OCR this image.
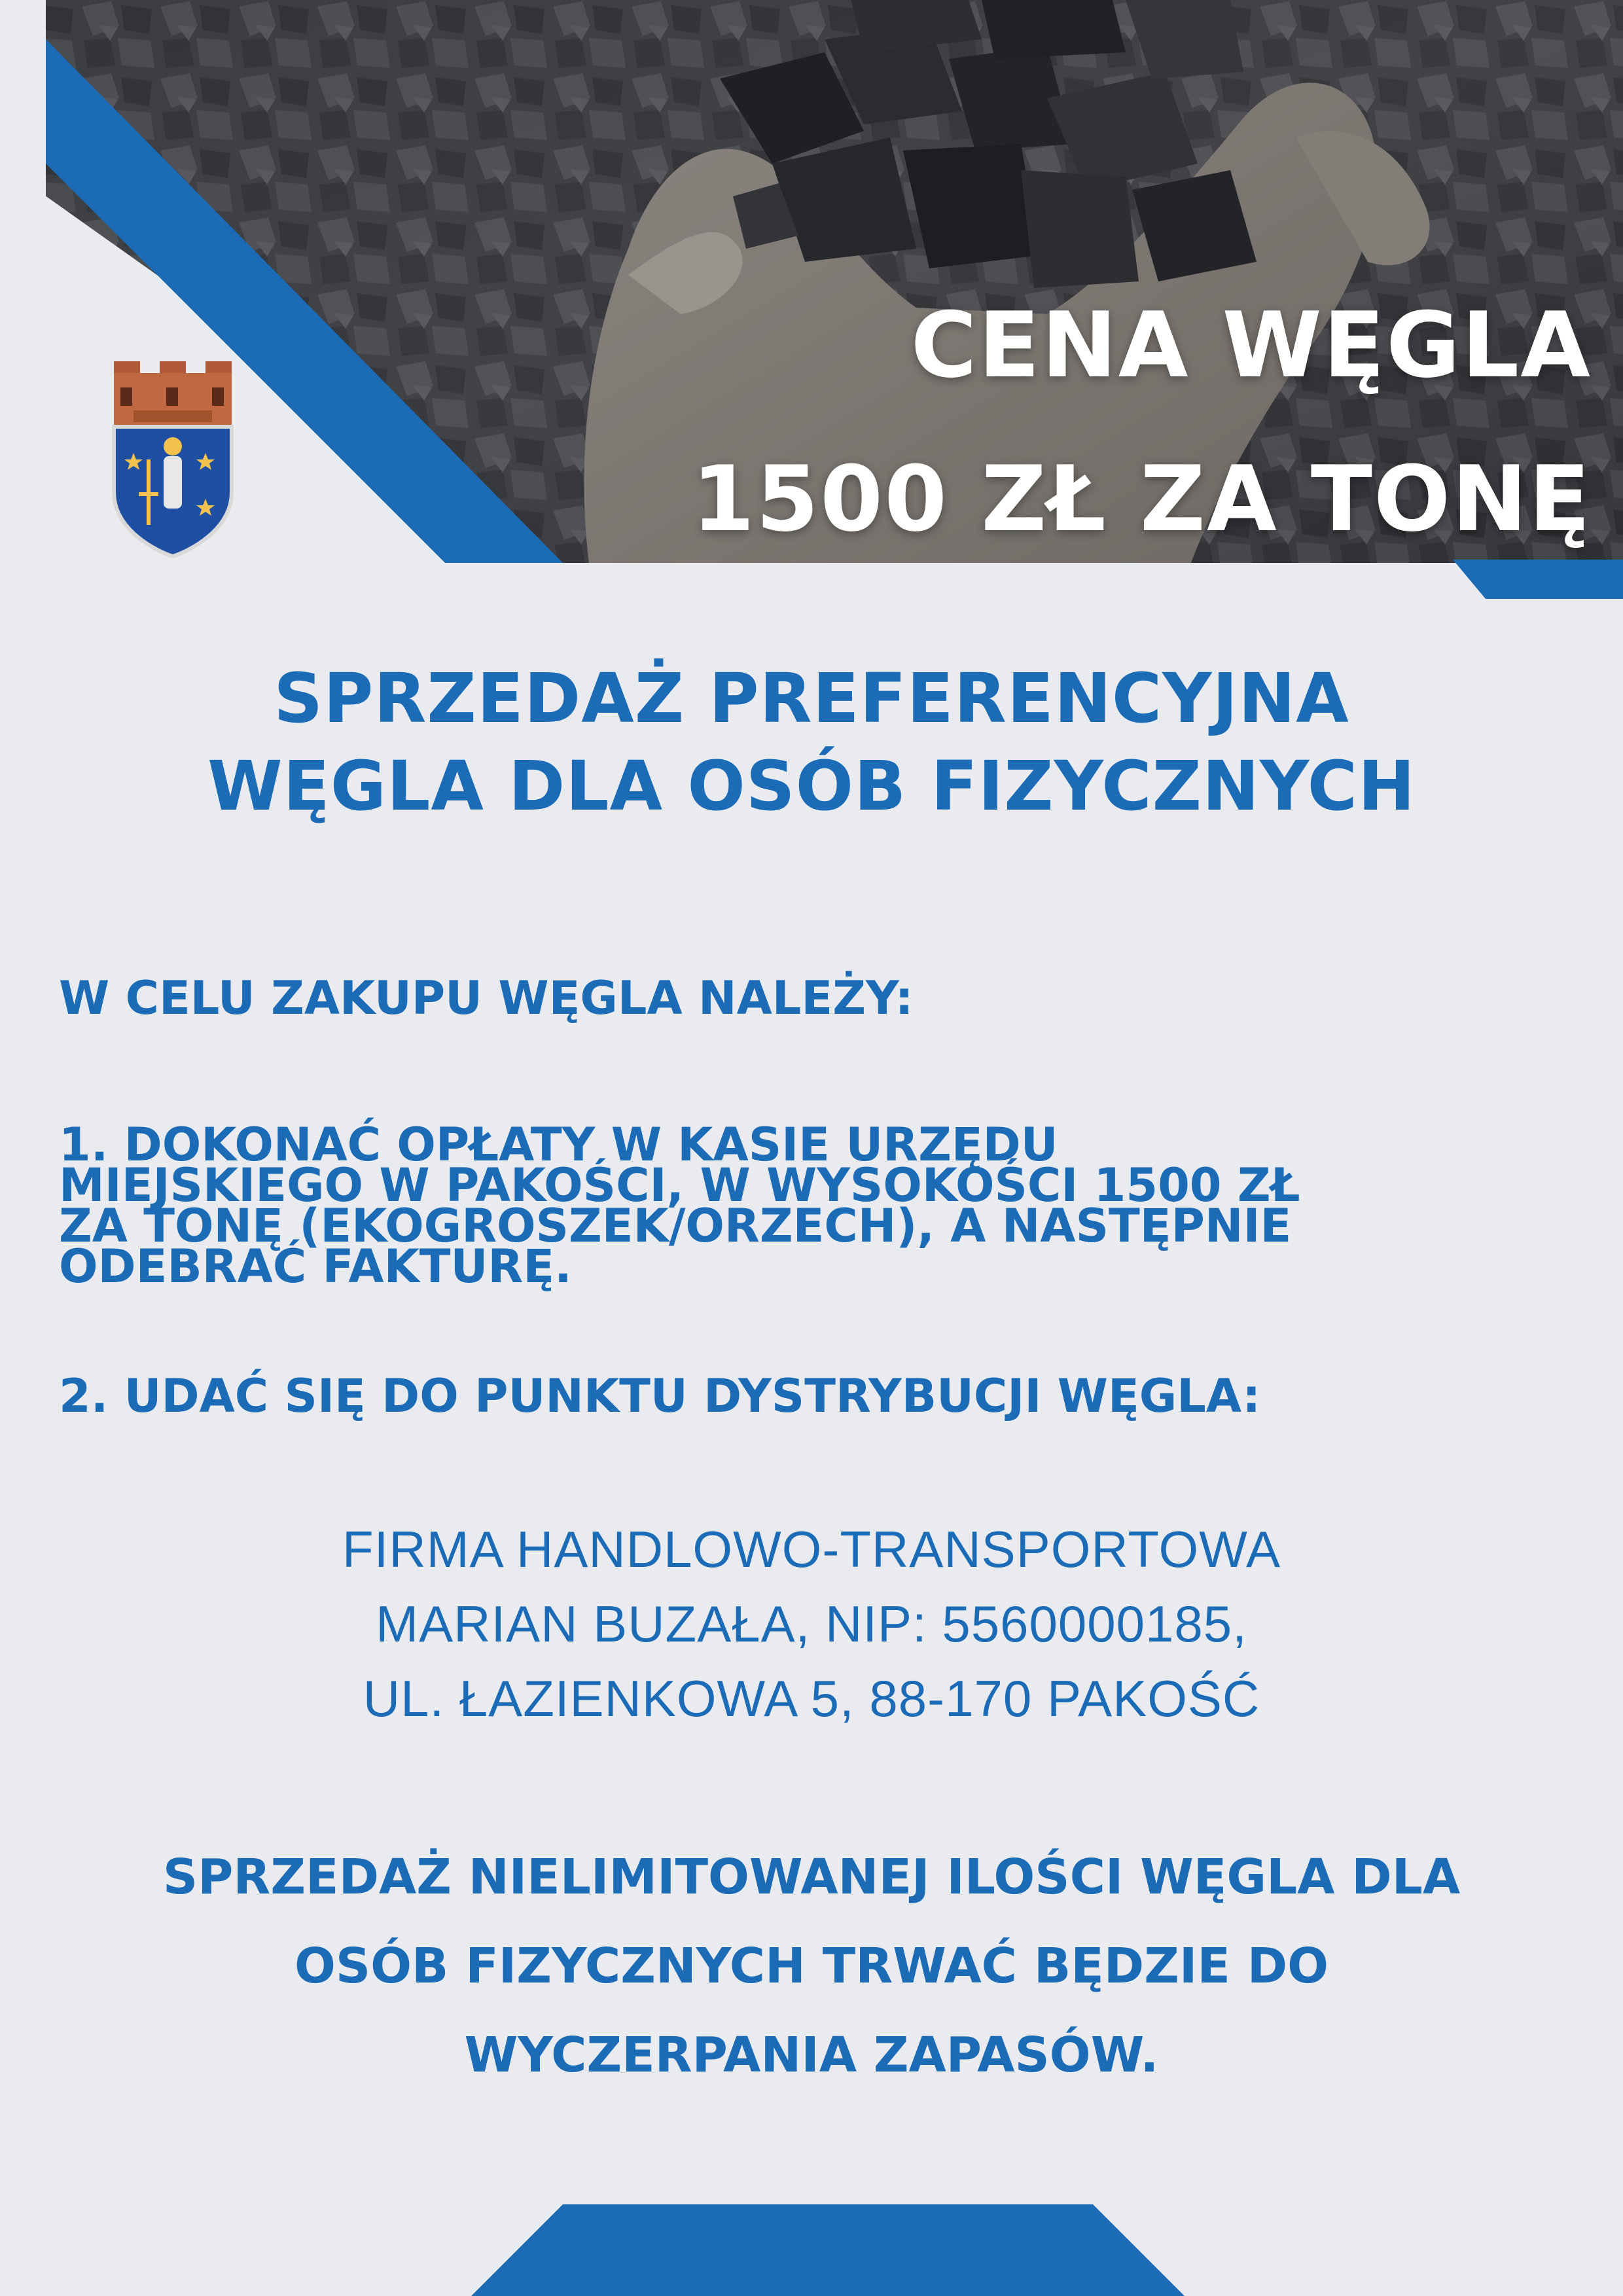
CENA WĘGLA
1500 ZŁ ZA TONĘ
SPRZEDAŻ PREFERENCYJNA
WĘGLA DLA OSÓB FIZYCZNYCH

W CELU ZAKUPU WĘGLA NALEŻY:

1. DOKONAĆ OPŁATY W KASIE URZĘDU
MIEJSKIEGO W PAKOŚCI, W WYSOKOŚCI 1500 ZŁ
ZA TONĘ (EKOGROSZEK/ORZECH), A NASTĘPNIE
ODEBRAĆ FAKTURĘ.

2. UDAĆ SIĘ DO PUNKTU DYSTRYBUCJI WĘGLA:

FIRMA HANDLOWO-TRANSPORTOWA
MARIAN BUZAŁA, NIP: 5560000185,
UL. ŁAZIENKOWA 5, 88-170 PAKOŚĆ
SPRZEDAŻ NIELIMITOWANEJ ILOŚCI WĘGLA DLA
OSÓB FIZYCZNYCH TRWAĆ BĘDZIE DO
WYCZERPANIA ZAPASÓW.
